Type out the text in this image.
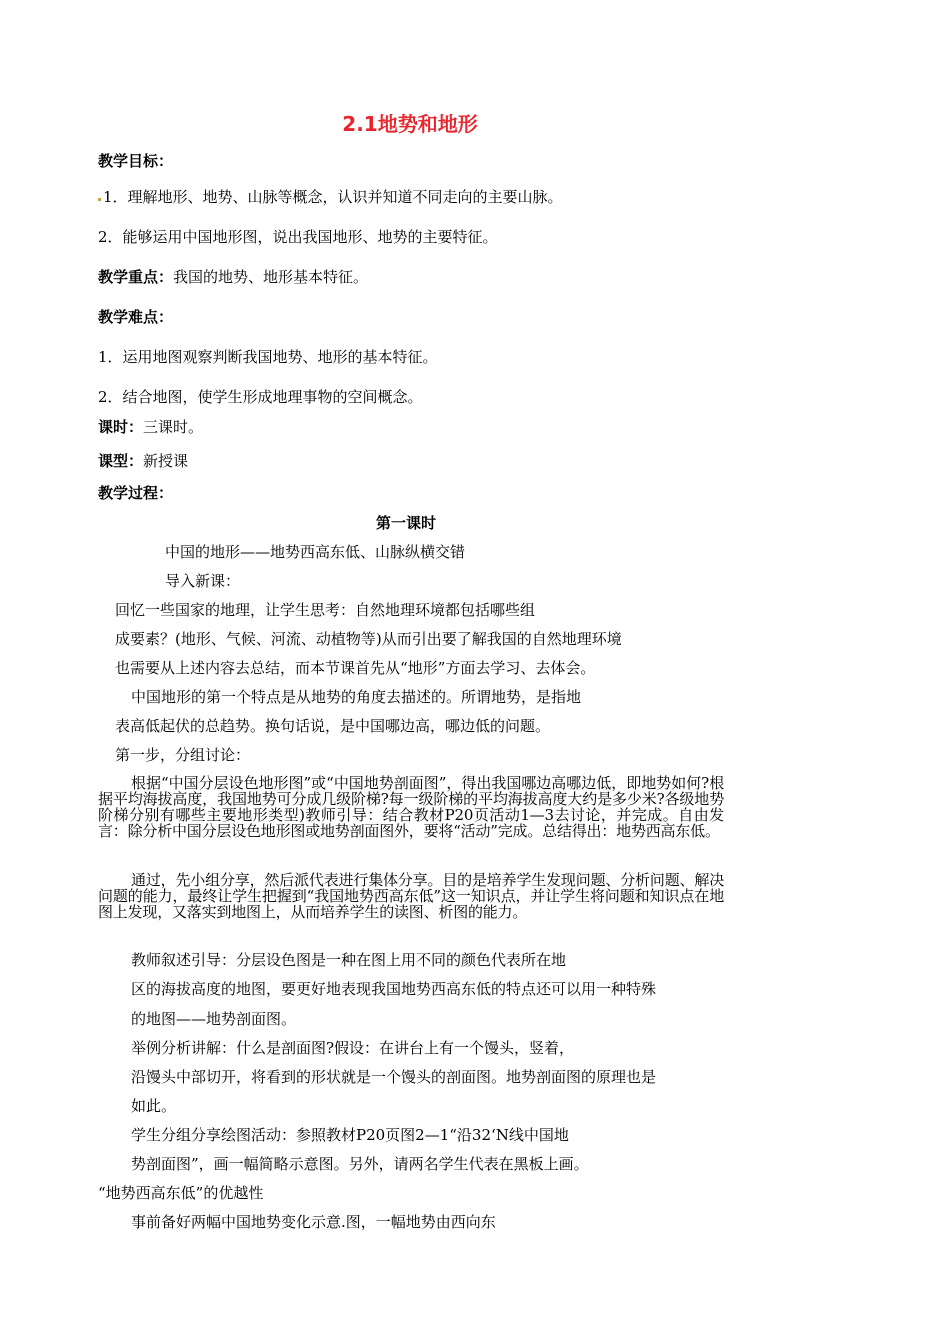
2.1地势和地形

教学目标：

1．理解地形、地势、山脉等概念，认识并知道不同走向的主要山脉。

2．能够运用中国地形图，说出我国地形、地势的主要特征。

教学重点：我国的地势、地形基本特征。

教学难点：

1．运用地图观察判断我国地势、地形的基本特征。

2．结合地图，使学生形成地理事物的空间概念。

课时：三课时。

课型：新授课

教学过程：

第一课时

中国的地形——地势西高东低、山脉纵横交错

导入新课：

回忆一些国家的地理，让学生思考：自然地理环境都包括哪些组

成要素？(地形、气候、河流、动植物等)从而引出要了解我国的自然地理环境

也需要从上述内容去总结，而本节课首先从“地形”方面去学习、去体会。

中国地形的第一个特点是从地势的角度去描述的。所谓地势，是指地

表高低起伏的总趋势。换句话说，是中国哪边高，哪边低的问题。

第一步，分组讨论：

根据“中国分层设色地形图”或“中国地势剖面图”，得出我国哪边高哪边低，即地势如何?根据平均海拔高度，我国地势可分成几级阶梯?每一级阶梯的平均海拔高度大约是多少米?各级地势阶梯分别有哪些主要地形类型)教师引导：结合教材P20页活动1—3去讨论，并完成。自由发言：除分析中国分层设色地形图或地势剖面图外，要将“活动”完成。总结得出：地势西高东低。

通过，先小组分享，然后派代表进行集体分享。目的是培养学生发现问题、分析问题、解决问题的能力，最终让学生把握到“我国地势西高东低”这一知识点，并让学生将问题和知识点在地图上发现，又落实到地图上，从而培养学生的读图、析图的能力。

教师叙述引导：分层设色图是一种在图上用不同的颜色代表所在地

区的海拔高度的地图，要更好地表现我国地势西高东低的特点还可以用一种特殊

的地图——地势剖面图。

举例分析讲解：什么是剖面图?假设：在讲台上有一个馒头，竖着，

沿馒头中部切开，将看到的形状就是一个馒头的剖面图。地势剖面图的原理也是

如此。

学生分组分享绘图活动：参照教材P20页图2—1“沿32‘N线中国地

势剖面图”，画一幅简略示意图。另外，请两名学生代表在黑板上画。

“地势西高东低”的优越性

事前备好两幅中国地势变化示意.图，一幅地势由西向东
